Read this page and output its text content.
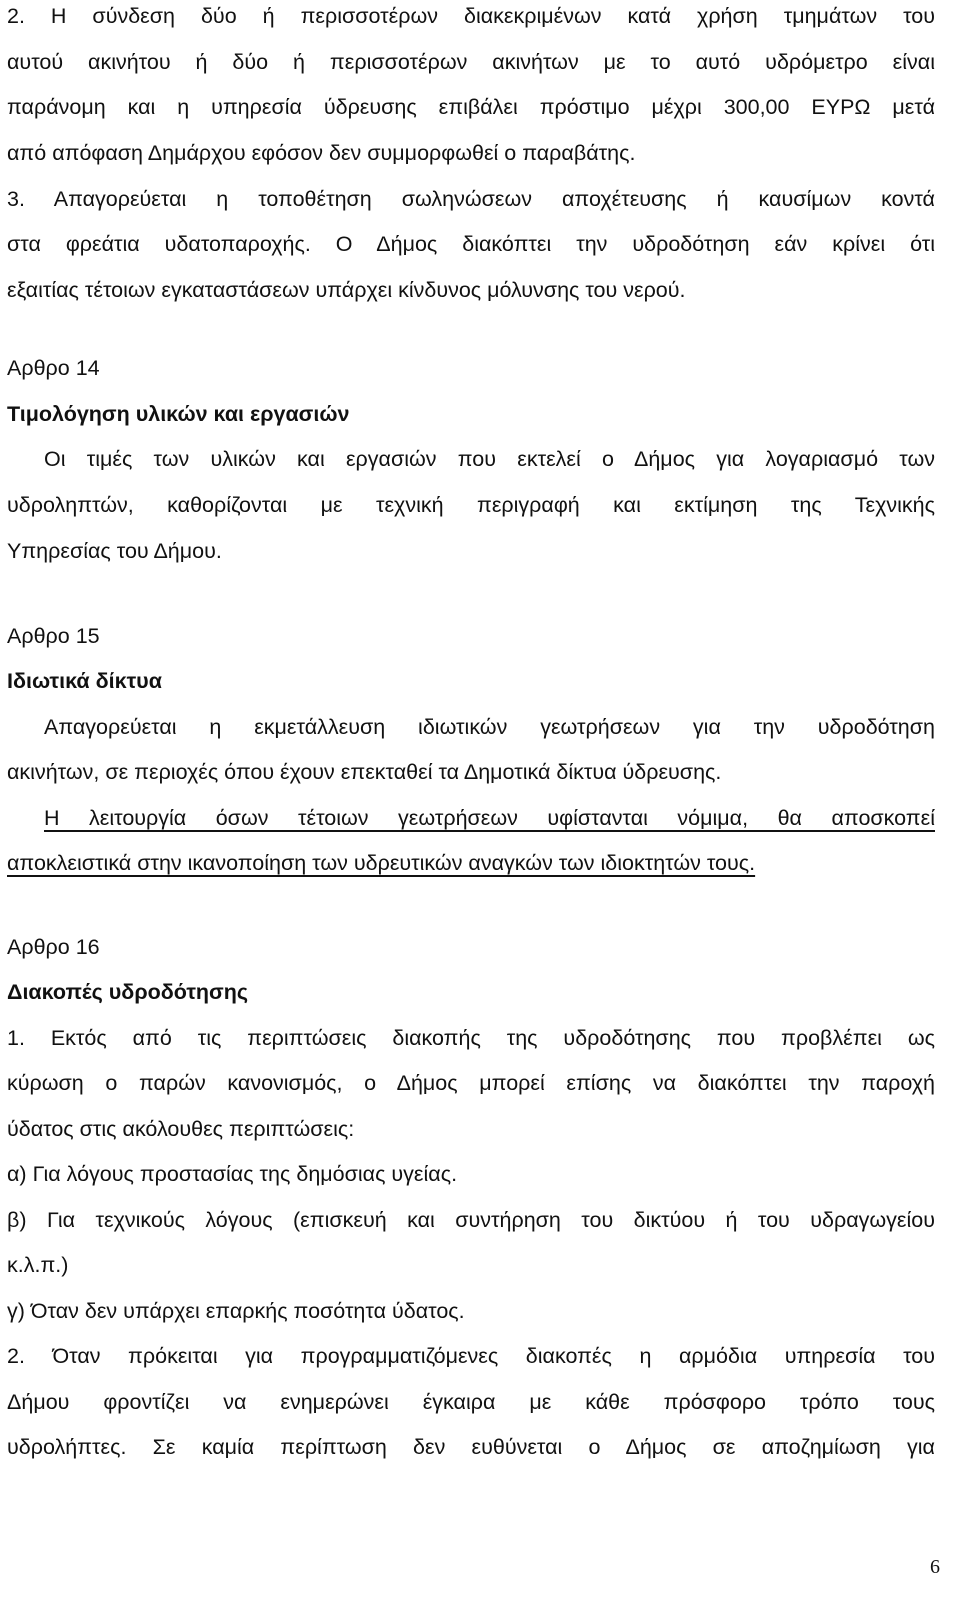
2. Η σύνδεση δύο ή περισσοτέρων διακεκριμένων κατά χρήση τμημάτων του

αυτού ακινήτου ή δύο ή περισσοτέρων ακινήτων με το αυτό υδρόμετρο είναι

παράνομη και η υπηρεσία ύδρευσης επιβάλει πρόστιμο μέχρι 300,00 ΕΥΡΩ μετά

από απόφαση Δημάρχου εφόσον δεν συμμορφωθεί ο παραβάτης.

3. Απαγορεύεται η τοποθέτηση σωληνώσεων αποχέτευσης ή καυσίμων κοντά

στα φρεάτια υδατοπαροχής. Ο Δήμος διακόπτει την υδροδότηση εάν κρίνει ότι

εξαιτίας τέτοιων εγκαταστάσεων υπάρχει κίνδυνος μόλυνσης του νερού.

Αρθρο 14

Τιμολόγηση υλικών και εργασιών

Οι τιμές των υλικών και εργασιών που εκτελεί ο Δήμος για λογαριασμό των

υδροληπτών, καθορίζονται με τεχνική περιγραφή και εκτίμηση της Τεχνικής

Υπηρεσίας του Δήμου.

Αρθρο 15

Ιδιωτικά δίκτυα

Απαγορεύεται η εκμετάλλευση ιδιωτικών γεωτρήσεων για την υδροδότηση

ακινήτων, σε περιοχές όπου έχουν επεκταθεί τα Δημοτικά δίκτυα ύδρευσης.

Η λειτουργία όσων τέτοιων γεωτρήσεων υφίστανται νόμιμα, θα αποσκοπεί

αποκλειστικά στην ικανοποίηση των υδρευτικών αναγκών των ιδιοκτητών τους.

Αρθρο 16

Διακοπές υδροδότησης

1. Εκτός από τις περιπτώσεις διακοπής της υδροδότησης που προβλέπει ως

κύρωση ο παρών κανονισμός, ο Δήμος μπορεί επίσης να διακόπτει την παροχή

ύδατος στις ακόλουθες περιπτώσεις:

α) Για λόγους προστασίας της δημόσιας υγείας.

β) Για τεχνικούς λόγους (επισκευή και συντήρηση του δικτύου ή του υδραγωγείου

κ.λ.π.)

γ) Όταν δεν υπάρχει επαρκής ποσότητα ύδατος.

2. Όταν πρόκειται για προγραμματιζόμενες διακοπές η αρμόδια υπηρεσία του

Δήμου φροντίζει να ενημερώνει έγκαιρα με κάθε πρόσφορο τρόπο τους

υδρολήπτες. Σε καμία περίπτωση δεν ευθύνεται ο Δήμος σε αποζημίωση για

6
